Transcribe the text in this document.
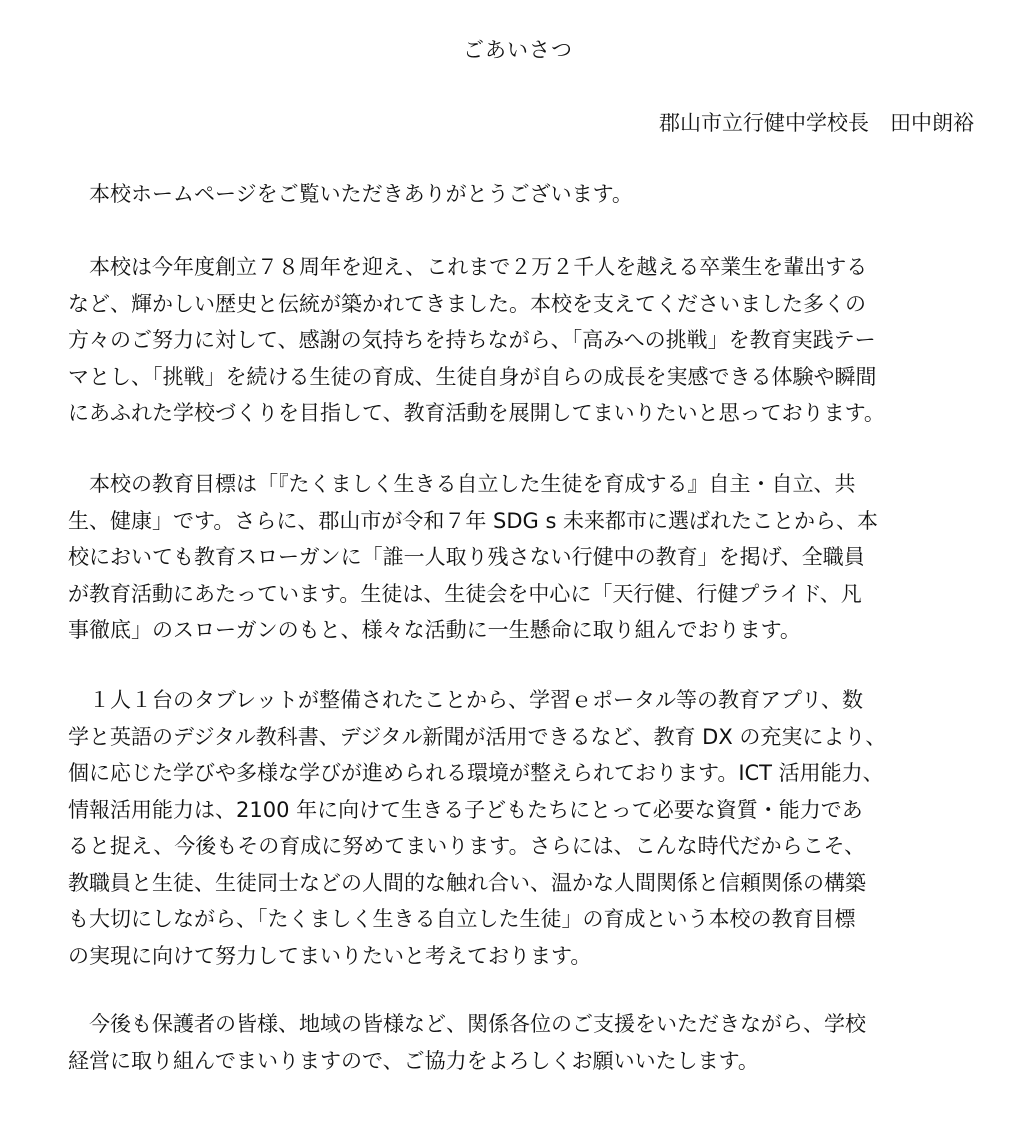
ごあいさつ
郡山市立行健中学校長　田中朗裕

本校ホームページをご覧いただきありがとうございます。

本校は今年度創立７８周年を迎え、これまで２万２千人を越える卒業生を輩出する
など、輝かしい歴史と伝統が築かれてきました。本校を支えてくださいました多くの
方々のご努力に対して、感謝の気持ちを持ちながら、「高みへの挑戦」を教育実践テー
マとし、「挑戦」を続ける生徒の育成、生徒自身が自らの成長を実感できる体験や瞬間
にあふれた学校づくりを目指して、教育活動を展開してまいりたいと思っております。

本校の教育目標は「『たくましく生きる自立した生徒を育成する』自主・自立、共
生、健康」です。さらに、郡山市が令和７年 SDG s 未来都市に選ばれたことから、本
校においても教育スローガンに「誰一人取り残さない行健中の教育」を掲げ、全職員
が教育活動にあたっています。生徒は、生徒会を中心に「天行健、行健プライド、凡
事徹底」のスローガンのもと、様々な活動に一生懸命に取り組んでおります。

１人１台のタブレットが整備されたことから、学習ｅポータル等の教育アプリ、数
学と英語のデジタル教科書、デジタル新聞が活用できるなど、教育 DX の充実により、
個に応じた学びや多様な学びが進められる環境が整えられております。ICT 活用能力、
情報活用能力は、2100 年に向けて生きる子どもたちにとって必要な資質・能力であ
ると捉え、今後もその育成に努めてまいります。さらには、こんな時代だからこそ、
教職員と生徒、生徒同士などの人間的な触れ合い、温かな人間関係と信頼関係の構築
も大切にしながら、「たくましく生きる自立した生徒」の育成という本校の教育目標
の実現に向けて努力してまいりたいと考えております。

今後も保護者の皆様、地域の皆様など、関係各位のご支援をいただきながら、学校
経営に取り組んでまいりますので、ご協力をよろしくお願いいたします。
